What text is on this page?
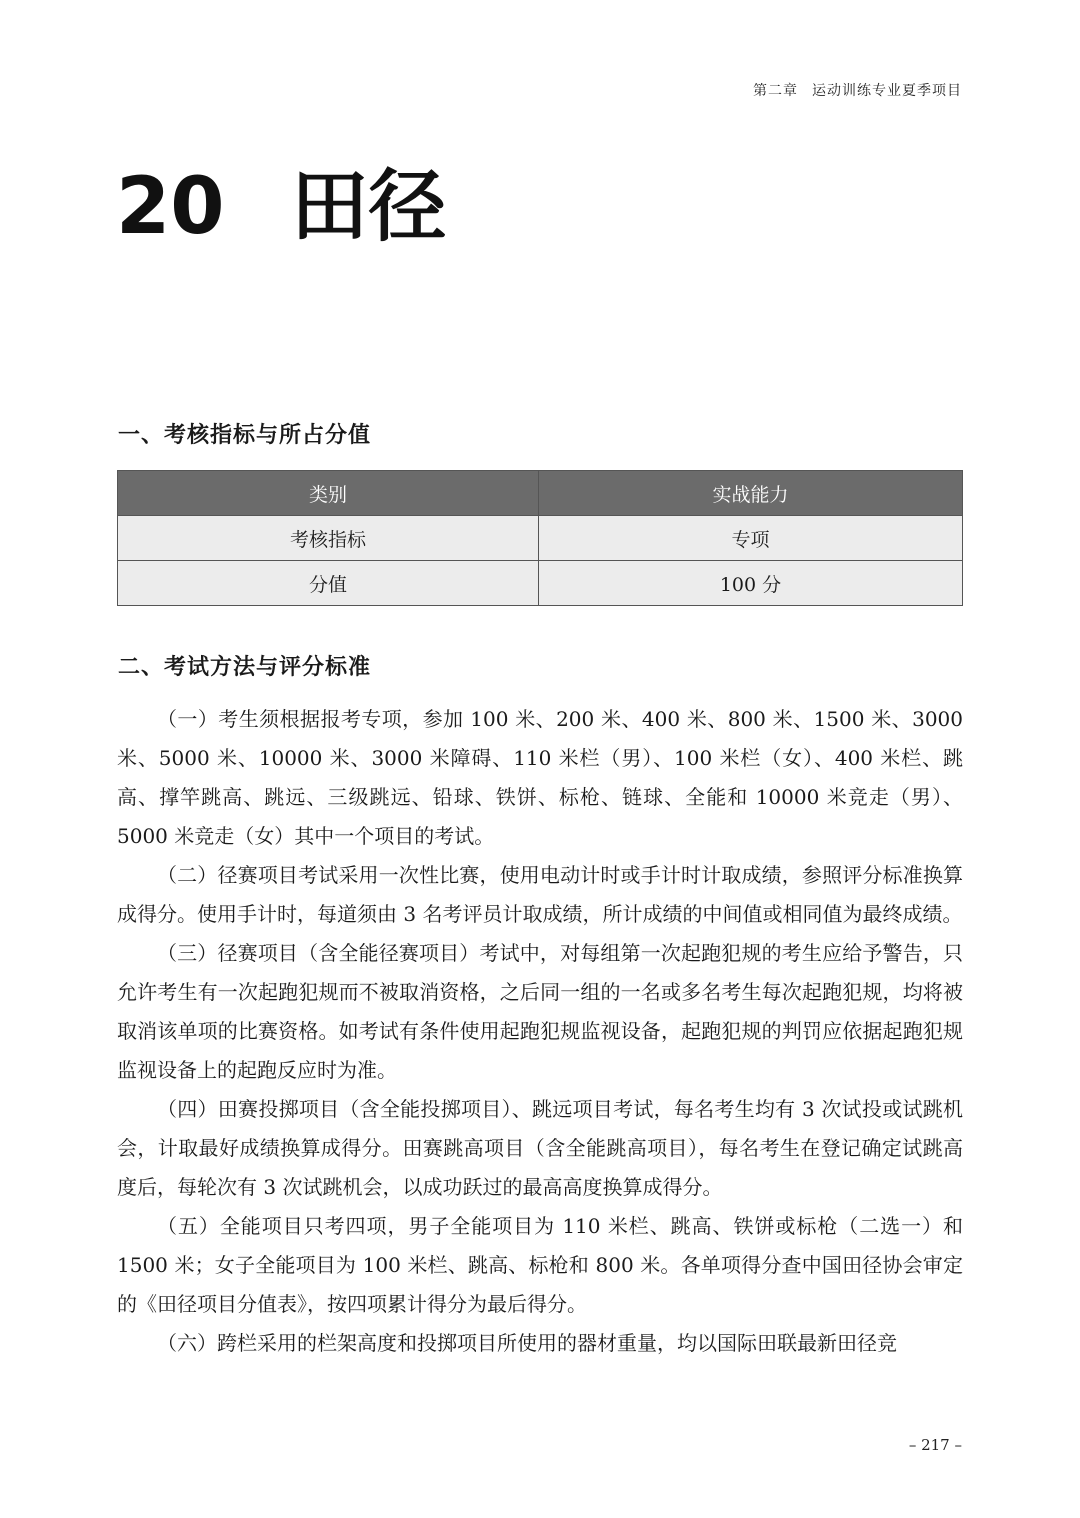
第二章 运动训练专业夏季项目
20 田径
一、考核指标与所占分值
类别	实战能力
考核指标	专项
分值	100 分
二、考试方法与评分标准

（一）考生须根据报考专项，参加 100 米、200 米、400 米、800 米、1500 米、3000 米、5000 米、10000 米、3000 米障碍、110 米栏（男）、100 米栏（女）、400 米栏、跳高、撑竿跳高、跳远、三级跳远、铅球、铁饼、标枪、链球、全能和 10000 米竞走（男）、5000 米竞走（女）其中一个项目的考试。

（二）径赛项目考试采用一次性比赛，使用电动计时或手计时计取成绩，参照评分标准换算成得分。使用手计时，每道须由 3 名考评员计取成绩，所计成绩的中间值或相同值为最终成绩。

（三）径赛项目（含全能径赛项目）考试中，对每组第一次起跑犯规的考生应给予警告，只允许考生有一次起跑犯规而不被取消资格，之后同一组的一名或多名考生每次起跑犯规，均将被取消该单项的比赛资格。如考试有条件使用起跑犯规监视设备，起跑犯规的判罚应依据起跑犯规监视设备上的起跑反应时为准。

（四）田赛投掷项目（含全能投掷项目）、跳远项目考试，每名考生均有 3 次试投或试跳机会，计取最好成绩换算成得分。田赛跳高项目（含全能跳高项目），每名考生在登记确定试跳高度后，每轮次有 3 次试跳机会，以成功跃过的最高高度换算成得分。

（五）全能项目只考四项，男子全能项目为 110 米栏、跳高、铁饼或标枪（二选一）和 1500 米；女子全能项目为 100 米栏、跳高、标枪和 800 米。各单项得分查中国田径协会审定的《田径项目分值表》，按四项累计得分为最后得分。

（六）跨栏采用的栏架高度和投掷项目所使用的器材重量，均以国际田联最新田径竞

– 217 –
